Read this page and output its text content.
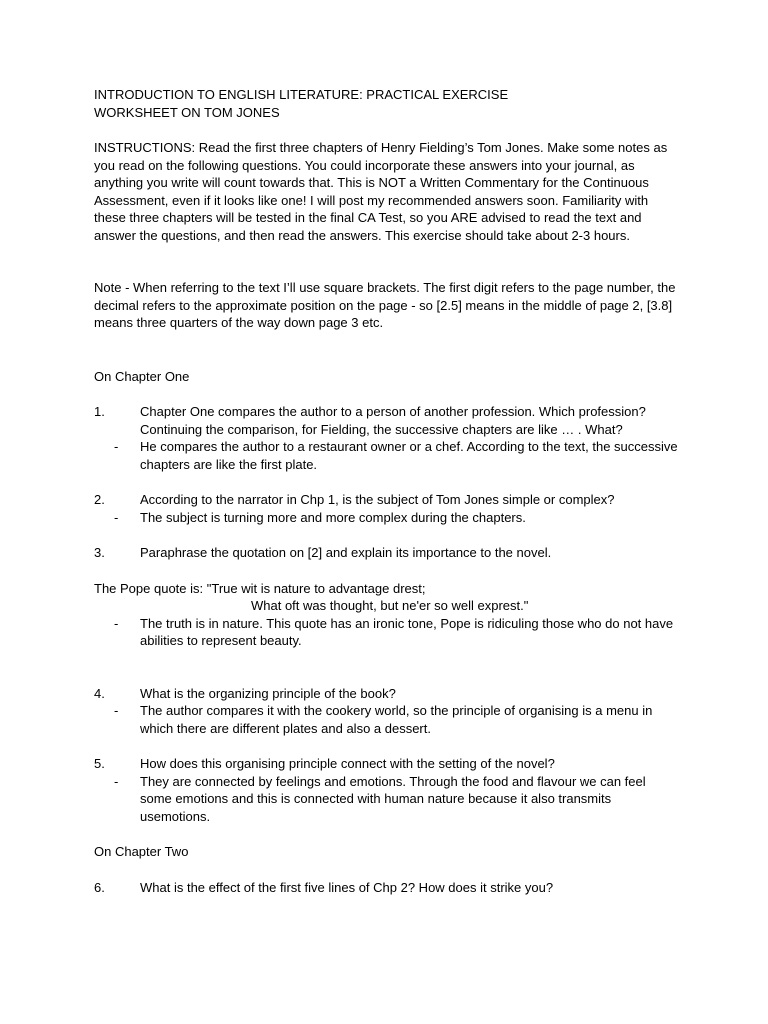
INTRODUCTION TO ENGLISH LITERATURE: PRACTICAL EXERCISE

WORKSHEET ON TOM JONES

INSTRUCTIONS: Read the first three chapters of Henry Fielding’s Tom Jones. Make some notes as you read on the following questions. You could incorporate these answers into your journal, as anything you write will count towards that. This is NOT a Written Commentary for the Continuous Assessment, even if it looks like one! I will post my recommended answers soon. Familiarity with these three chapters will be tested in the final CA Test, so you ARE advised to read the text and answer the questions, and then read the answers. This exercise should take about 2-3 hours.

Note - When referring to the text I’ll use square brackets. The first digit refers to the page number, the decimal refers to the approximate position on the page - so [2.5] means in the middle of page 2, [3.8] means three quarters of the way down page 3 etc.

On Chapter One

1.	Chapter One compares the author to a person of another profession. Which profession? Continuing the comparison, for Fielding, the successive chapters are like … . What?
-	He compares the author to a restaurant owner or a chef. According to the text, the successive chapters are like the first plate.
2.	According to the narrator in Chp 1, is the subject of Tom Jones simple or complex?
-	The subject is turning more and more complex during the chapters.
3.	Paraphrase the quotation on [2] and explain its importance to the novel.

The Pope quote is: "True wit is nature to advantage drest;

What oft was thought, but ne'er so well exprest."

-	The truth is in nature. This quote has an ironic tone, Pope is ridiculing those who do not have abilities to represent beauty.
4.	What is the organizing principle of the book?
-	The author compares it with the cookery world, so the principle of organising is a menu in which there are different plates and also a dessert.
5.	How does this organising principle connect with the setting of the novel?
-	They are connected by feelings and emotions. Through the food and flavour we can feel some emotions and this is connected with human nature because it also transmits usemotions.

On Chapter Two

6.	What is the effect of the first five lines of Chp 2? How does it strike you?
